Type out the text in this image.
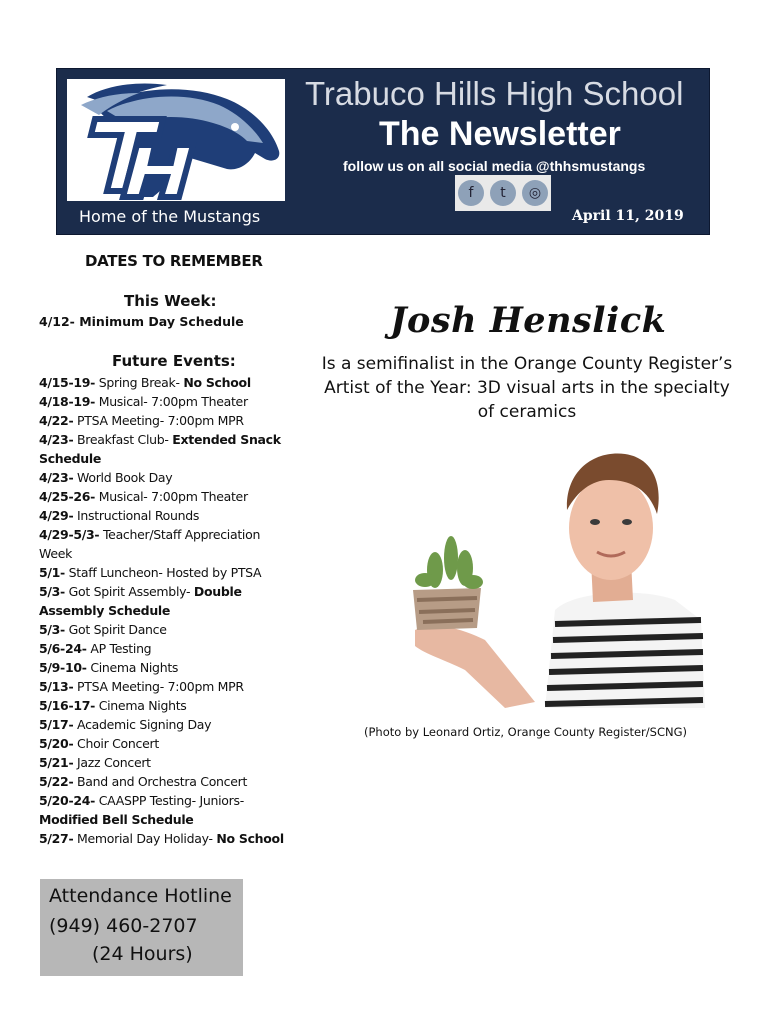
Trabuco Hills High School
The Newsletter
follow us on all social media @thhsmustangs
f	t	◎
Home of the Mustangs	April 11, 2019
DATES TO REMEMBER
This Week:
4/12- Minimum Day Schedule
Future Events:
4/15-19- Spring Break- No School
4/18-19- Musical- 7:00pm Theater
4/22- PTSA Meeting- 7:00pm MPR
4/23- Breakfast Club- Extended Snack Schedule
4/23- World Book Day
4/25-26- Musical- 7:00pm Theater
4/29- Instructional Rounds
4/29-5/3- Teacher/Staff Appreciation Week
5/1- Staff Luncheon- Hosted by PTSA
5/3- Got Spirit Assembly- Double Assembly Schedule
5/3- Got Spirit Dance
5/6-24- AP Testing
5/9-10- Cinema Nights
5/13- PTSA Meeting- 7:00pm MPR
5/16-17- Cinema Nights
5/17- Academic Signing Day
5/20- Choir Concert
5/21- Jazz Concert
5/22- Band and Orchestra Concert
5/20-24- CAASPP Testing- Juniors- Modified Bell Schedule
5/27- Memorial Day Holiday- No School
Attendance Hotline
(949) 460-2707
(24 Hours)
Josh Henslick
Is a semifinalist in the Orange County Register’s Artist of the Year: 3D visual arts in the specialty of ceramics
(Photo by Leonard Ortiz, Orange County Register/SCNG)
